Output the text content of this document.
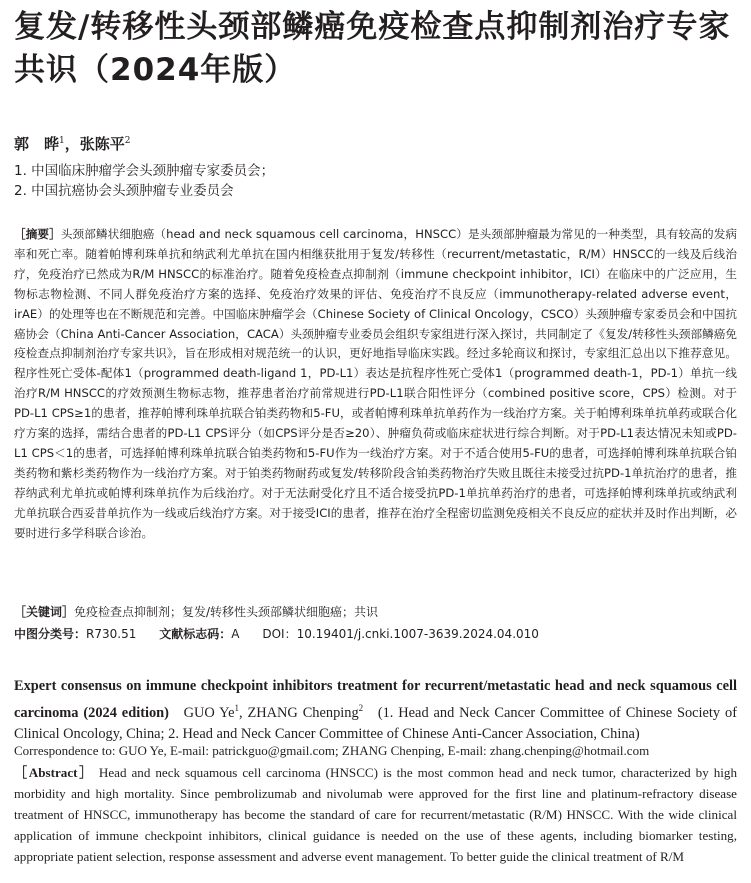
复发/转移性头颈部鳞癌免疫检查点抑制剂治疗专家共识（2024年版）
郭　晔$^1$，张陈平$^2$
1. 中国临床肿瘤学会头颈肿瘤专家委员会；
2. 中国抗癌协会头颈肿瘤专业委员会

［摘要］头颈部鳞状细胞癌（head and neck squamous cell carcinoma，HNSCC）是头颈部肿瘤最为常见的一种类型，具有较高的发病率和死亡率。随着帕博利珠单抗和纳武利尤单抗在国内相继获批用于复发/转移性（recurrent/metastatic，R/M）HNSCC的一线及后线治疗，免疫治疗已然成为R/M HNSCC的标准治疗。随着免疫检查点抑制剂（immune checkpoint inhibitor，ICI）在临床中的广泛应用，生物标志物检测、不同人群免疫治疗方案的选择、免疫治疗效果的评估、免疫治疗不良反应（immunotherapy-related adverse event，irAE）的处理等也在不断规范和完善。中国临床肿瘤学会（Chinese Society of Clinical Oncology，CSCO）头颈肿瘤专家委员会和中国抗癌协会（China Anti-Cancer Association，CACA）头颈肿瘤专业委员会组织专家组进行深入探讨，共同制定了《复发/转移性头颈部鳞癌免疫检查点抑制剂治疗专家共识》，旨在形成相对规范统一的认识，更好地指导临床实践。经过多轮商议和探讨，专家组汇总出以下推荐意见。程序性死亡受体-配体1（programmed death-ligand 1，PD-L1）表达是抗程序性死亡受体1（programmed death-1，PD-1）单抗一线治疗R/M HNSCC的疗效预测生物标志物，推荐患者治疗前常规进行PD-L1联合阳性评分（combined positive score，CPS）检测。对于PD-L1 CPS≥1的患者，推荐帕博利珠单抗联合铂类药物和5-FU，或者帕博利珠单抗单药作为一线治疗方案。关于帕博利珠单抗单药或联合化疗方案的选择，需结合患者的PD-L1 CPS评分（如CPS评分是否≥20）、肿瘤负荷或临床症状进行综合判断。对于PD-L1表达情况未知或PD-L1 CPS＜1的患者，可选择帕博利珠单抗联合铂类药物和5-FU作为一线治疗方案。对于不适合使用5-FU的患者，可选择帕博利珠单抗联合铂类药物和紫杉类药物作为一线治疗方案。对于铂类药物耐药或复发/转移阶段含铂类药物治疗失败且既往未接受过抗PD-1单抗治疗的患者，推荐纳武利尤单抗或帕博利珠单抗作为后线治疗。对于无法耐受化疗且不适合接受抗PD-1单抗单药治疗的患者，可选择帕博利珠单抗或纳武利尤单抗联合西妥昔单抗作为一线或后线治疗方案。对于接受ICI的患者，推荐在治疗全程密切监测免疫相关不良反应的症状并及时作出判断，必要时进行多学科联合诊治。

［关键词］免疫检查点抑制剂；复发/转移性头颈部鳞状细胞癌；共识
中图分类号：R730.51 文献标志码：A DOI：10.19401/j.cnki.1007-3639.2024.04.010

Expert consensus on immune checkpoint inhibitors treatment for recurrent/metastatic head and neck squamous cell carcinoma (2024 edition) GUO Ye$^1$, ZHANG Chenping$^2$ (1. Head and Neck Cancer Committee of Chinese Society of Clinical Oncology, China; 2. Head and Neck Cancer Committee of Chinese Anti-Cancer Association, China)

Correspondence to: GUO Ye, E-mail: patrickguo@gmail.com; ZHANG Chenping, E-mail: zhang.chenping@hotmail.com

［Abstract］ Head and neck squamous cell carcinoma (HNSCC) is the most common head and neck tumor, characterized by high morbidity and high mortality. Since pembrolizumab and nivolumab were approved for the first line and platinum-refractory disease treatment of HNSCC, immunotherapy has become the standard of care for recurrent/metastatic (R/M) HNSCC. With the wide clinical application of immune checkpoint inhibitors, clinical guidance is needed on the use of these agents, including biomarker testing, appropriate patient selection, response assessment and adverse event management. To better guide the clinical treatment of R/M
